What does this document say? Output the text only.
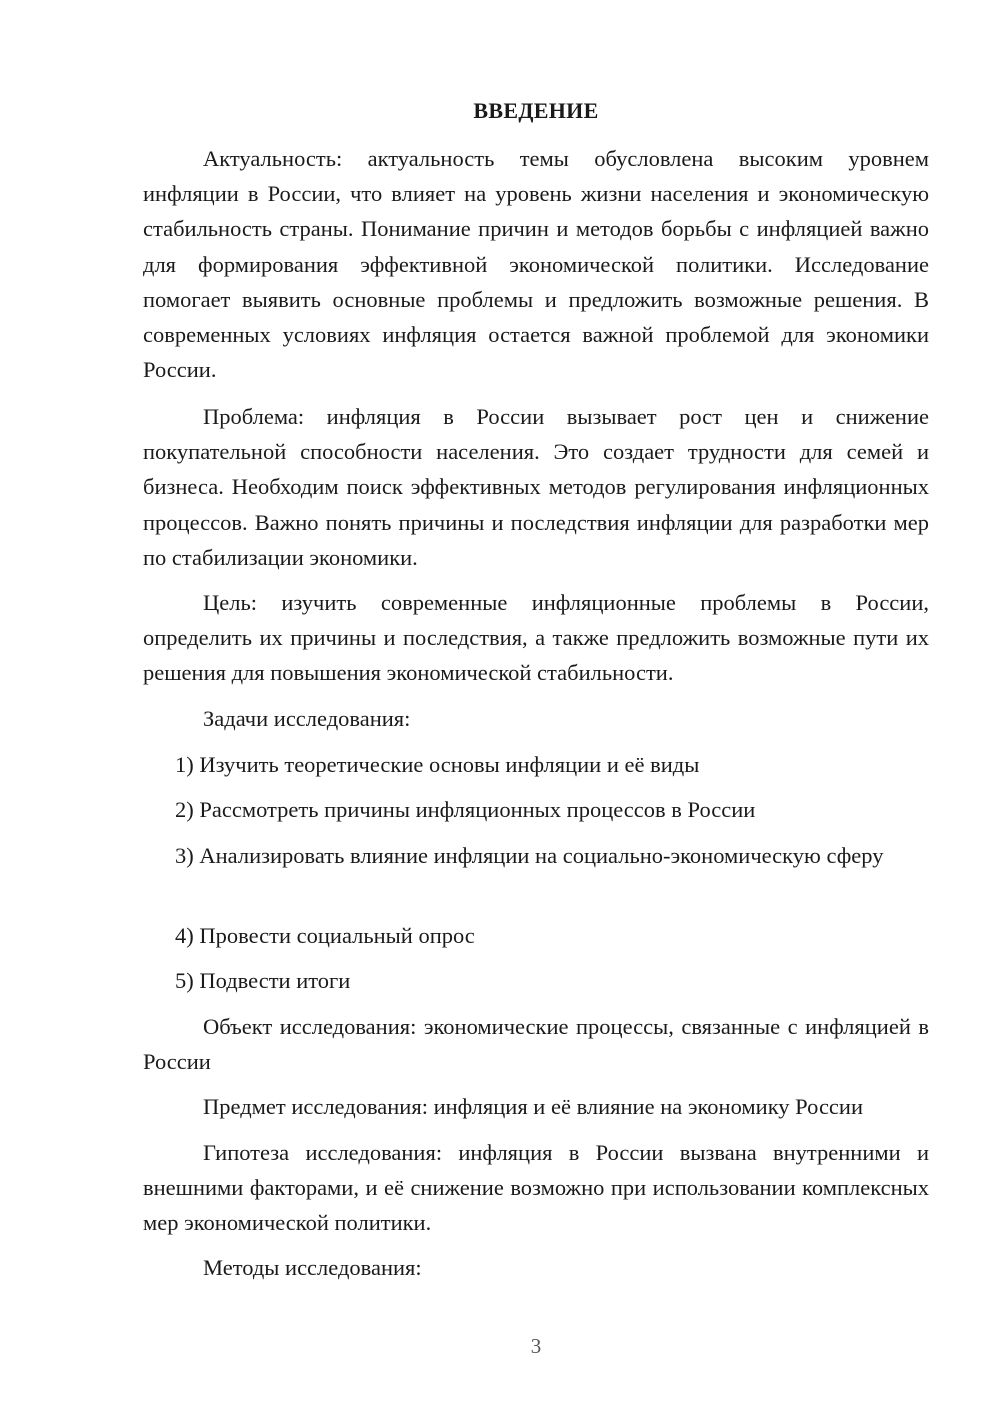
ВВЕДЕНИЕ

Актуальность: актуальность темы обусловлена высоким уровнем инфляции в России, что влияет на уровень жизни населения и экономическую стабильность страны. Понимание причин и методов борьбы с инфляцией важно для формирования эффективной экономической политики. Исследование помогает выявить основные проблемы и предложить возможные решения. В современных условиях инфляция остается важной проблемой для экономики России.

Проблема: инфляция в России вызывает рост цен и снижение покупательной способности населения. Это создает трудности для семей и бизнеса. Необходим поиск эффективных методов регулирования инфляционных процессов. Важно понять причины и последствия инфляции для разработки мер по стабилизации экономики.

Цель: изучить современные инфляционные проблемы в России, определить их причины и последствия, а также предложить возможные пути их решения для повышения экономической стабильности.

Задачи исследования:

1) Изучить теоретические основы инфляции и её виды

2) Рассмотреть причины инфляционных процессов в России

3) Анализировать влияние инфляции на социально-экономическую сферу

4) Провести социальный опрос

5) Подвести итоги

Объект исследования: экономические процессы, связанные с инфляцией в России

Предмет исследования: инфляция и её влияние на экономику России

Гипотеза исследования: инфляция в России вызвана внутренними и внешними факторами, и её снижение возможно при использовании комплексных мер экономической политики.

Методы исследования:

3
